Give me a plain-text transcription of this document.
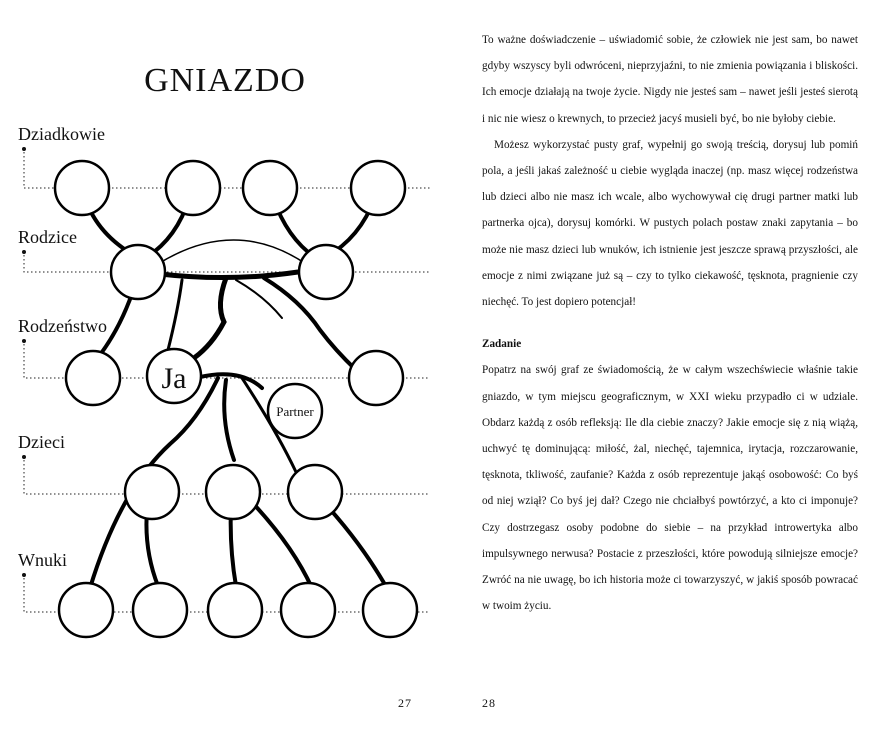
GNIAZDO
Dziadkowie
Rodzice
Rodzeństwo
Dzieci
Wnuki
Ja
Partner
27

To ważne doświadczenie – uświadomić sobie, że człowiek nie jest sam, bo nawet gdyby wszyscy byli odwróceni, nieprzyjaźni, to nie zmienia powiązania i bliskości. Ich emocje działają na twoje życie. Nigdy nie jesteś sam – nawet jeśli jesteś sierotą i nic nie wiesz o krewnych, to przecież jacyś musieli być, bo nie byłoby ciebie.

Możesz wykorzystać pusty graf, wypełnij go swoją treścią, dorysuj lub pomiń pola, a jeśli jakaś zależność u ciebie wygląda inaczej (np. masz więcej rodzeństwa lub dzieci albo nie masz ich wcale, albo wychowywał cię drugi partner matki lub partnerka ojca), dorysuj komórki. W pustych polach postaw znaki zapytania – bo może nie masz dzieci lub wnuków, ich istnienie jest jeszcze sprawą przyszłości, ale emocje z nimi związane już są – czy to tylko ciekawość, tęsknota, pragnienie czy niechęć. To jest dopiero potencjał!

Zadanie

Popatrz na swój graf ze świadomością, że w całym wszechświecie właśnie takie gniazdo, w tym miejscu geograficznym, w XXI wieku przypadło ci w udziale. Obdarz każdą z osób refleksją: Ile dla ciebie znaczy? Jakie emocje się z nią wiążą, uchwyć tę dominującą: miłość, żal, niechęć, tajemnica, irytacja, rozczarowanie, tęsknota, tkliwość, zaufanie? Każda z osób reprezentuje jakąś osobowość: Co byś od niej wziął? Co byś jej dał? Czego nie chciałbyś powtórzyć, a kto ci imponuje? Czy dostrzegasz osoby podobne do siebie – na przykład introwertyka albo impulsywnego nerwusa? Postacie z przeszłości, które powodują silniejsze emocje? Zwróć na nie uwagę, bo ich historia może ci towarzyszyć, w jakiś sposób powracać w twoim życiu.

28
